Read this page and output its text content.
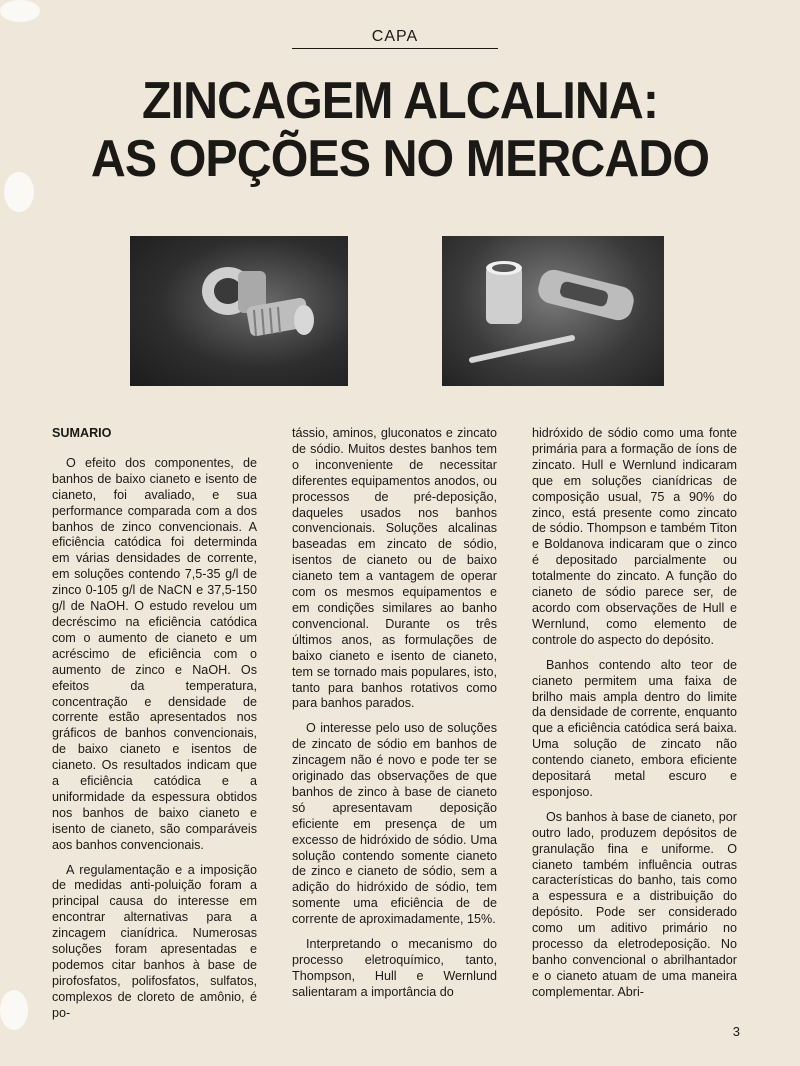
CAPA
ZINCAGEM ALCALINA:
AS OPÇÕES NO MERCADO
SUMARIO

O efeito dos componentes, de banhos de baixo cianeto e isento de cianeto, foi avaliado, e sua performance comparada com a dos banhos de zinco convencionais. A eficiência catódica foi determinda em várias densidades de corrente, em soluções contendo 7,5-35 g/l de zinco 0-105 g/l de NaCN e 37,5-150 g/l de NaOH. O estudo revelou um decréscimo na eficiência catódica com o aumento de cianeto e um acréscimo de eficiência com o aumento de zinco e NaOH. Os efeitos da temperatura, concentração e densidade de corrente estão apresentados nos gráficos de banhos convencionais, de baixo cianeto e isentos de cianeto. Os resultados indicam que a eficiência catódica e a uniformidade da espessura obtidos nos banhos de baixo cianeto e isento de cianeto, são comparáveis aos banhos convencionais.

A regulamentação e a imposição de medidas anti-poluição foram a principal causa do interesse em encontrar alternativas para a zincagem cianídrica. Numerosas soluções foram apresentadas e podemos citar banhos à base de pirofosfatos, polifosfatos, sulfatos, complexos de cloreto de amônio, é po-

tássio, aminos, gluconatos e zincato de sódio. Muitos destes banhos tem o inconveniente de necessitar diferentes equipamentos anodos, ou processos de pré-deposição, daqueles usados nos banhos convencionais. Soluções alcalinas baseadas em zincato de sódio, isentos de cianeto ou de baixo cianeto tem a vantagem de operar com os mesmos equipamentos e em condições similares ao banho convencional. Durante os três últimos anos, as formulações de baixo cianeto e isento de cianeto, tem se tornado mais populares, isto, tanto para banhos rotativos como para banhos parados.

O interesse pelo uso de soluções de zincato de sódio em banhos de zincagem não é novo e pode ter se originado das observações de que banhos de zinco à base de cianeto só apresentavam deposição eficiente em presença de um excesso de hidróxido de sódio. Uma solução contendo somente cianeto de zinco e cianeto de sódio, sem a adição do hidróxido de sódio, tem somente uma eficiência de de corrente de aproximadamente, 15%.

Interpretando o mecanismo do processo eletroquímico, tanto, Thompson, Hull e Wernlund salientaram a importância do

hidróxido de sódio como uma fonte primária para a formação de íons de zincato. Hull e Wernlund indicaram que em soluções cianídricas de composição usual, 75 a 90% do zinco, está presente como zincato de sódio. Thompson e também Titon e Boldanova indicaram que o zinco é depositado parcialmente ou totalmente do zincato. A função do cianeto de sódio parece ser, de acordo com observações de Hull e Wernlund, como elemento de controle do aspecto do depósito.

Banhos contendo alto teor de cianeto permitem uma faixa de brilho mais ampla dentro do limite da densidade de corrente, enquanto que a eficiência catódica será baixa. Uma solução de zincato não contendo cianeto, embora eficiente depositará metal escuro e esponjoso.

Os banhos à base de cianeto, por outro lado, produzem depósitos de granulação fina e uniforme. O cianeto também influência outras características do banho, tais como a espessura e a distribuição do depósito. Pode ser considerado como um aditivo primário no processo da eletrodeposição. No banho convencional o abrilhantador e o cianeto atuam de uma maneira complementar. Abri-

3
